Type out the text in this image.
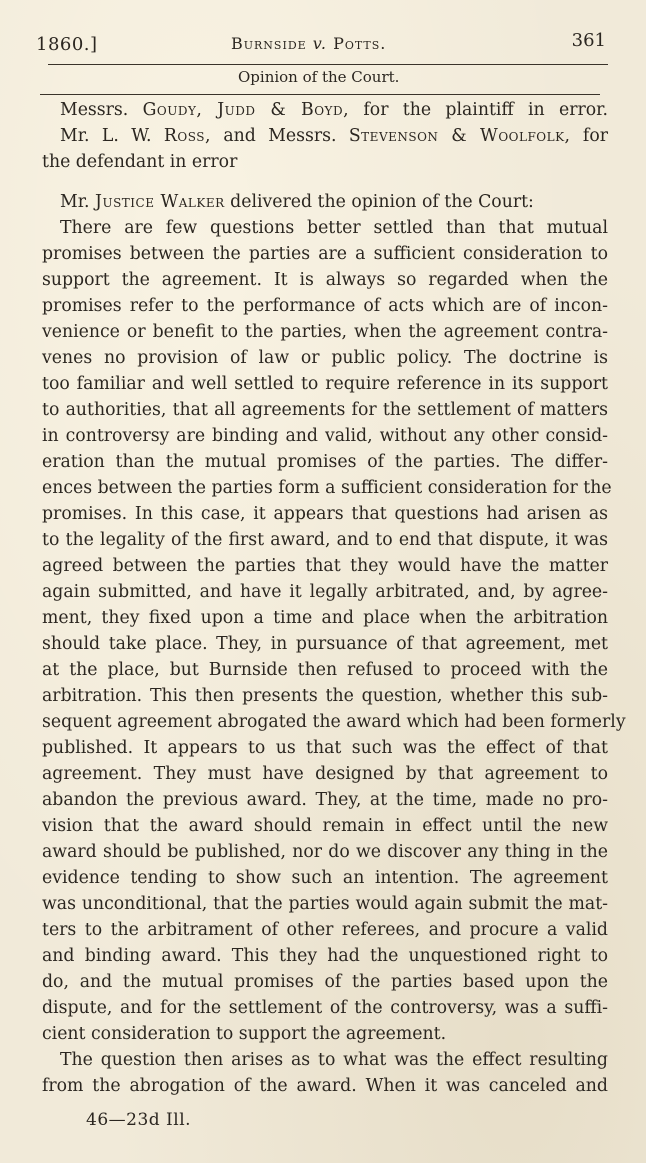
1860.]	Burnside v. Potts.	361
Opinion of the Court.
Messrs. Goudy, Judd & Boyd, for the plaintiff in error.
Mr. L. W. Ross, and Messrs. Stevenson & Woolfolk, for
the defendant in error
Mr. Justice Walker delivered the opinion of the Court:
There are few questions better settled than that mutual
promises between the parties are a sufficient consideration to
support the agreement. It is always so regarded when the
promises refer to the performance of acts which are of incon-
venience or benefit to the parties, when the agreement contra-
venes no provision of law or public policy. The doctrine is
too familiar and well settled to require reference in its support
to authorities, that all agreements for the settlement of matters
in controversy are binding and valid, without any other consid-
eration than the mutual promises of the parties. The differ-
ences between the parties form a sufficient consideration for the
promises. In this case, it appears that questions had arisen as
to the legality of the first award, and to end that dispute, it was
agreed between the parties that they would have the matter
again submitted, and have it legally arbitrated, and, by agree-
ment, they fixed upon a time and place when the arbitration
should take place. They, in pursuance of that agreement, met
at the place, but Burnside then refused to proceed with the
arbitration. This then presents the question, whether this sub-
sequent agreement abrogated the award which had been formerly
published. It appears to us that such was the effect of that
agreement. They must have designed by that agreement to
abandon the previous award. They, at the time, made no pro-
vision that the award should remain in effect until the new
award should be published, nor do we discover any thing in the
evidence tending to show such an intention. The agreement
was unconditional, that the parties would again submit the mat-
ters to the arbitrament of other referees, and procure a valid
and binding award. This they had the unquestioned right to
do, and the mutual promises of the parties based upon the
dispute, and for the settlement of the controversy, was a suffi-
cient consideration to support the agreement.
The question then arises as to what was the effect resulting
from the abrogation of the award. When it was canceled and
46—23d Ill.
